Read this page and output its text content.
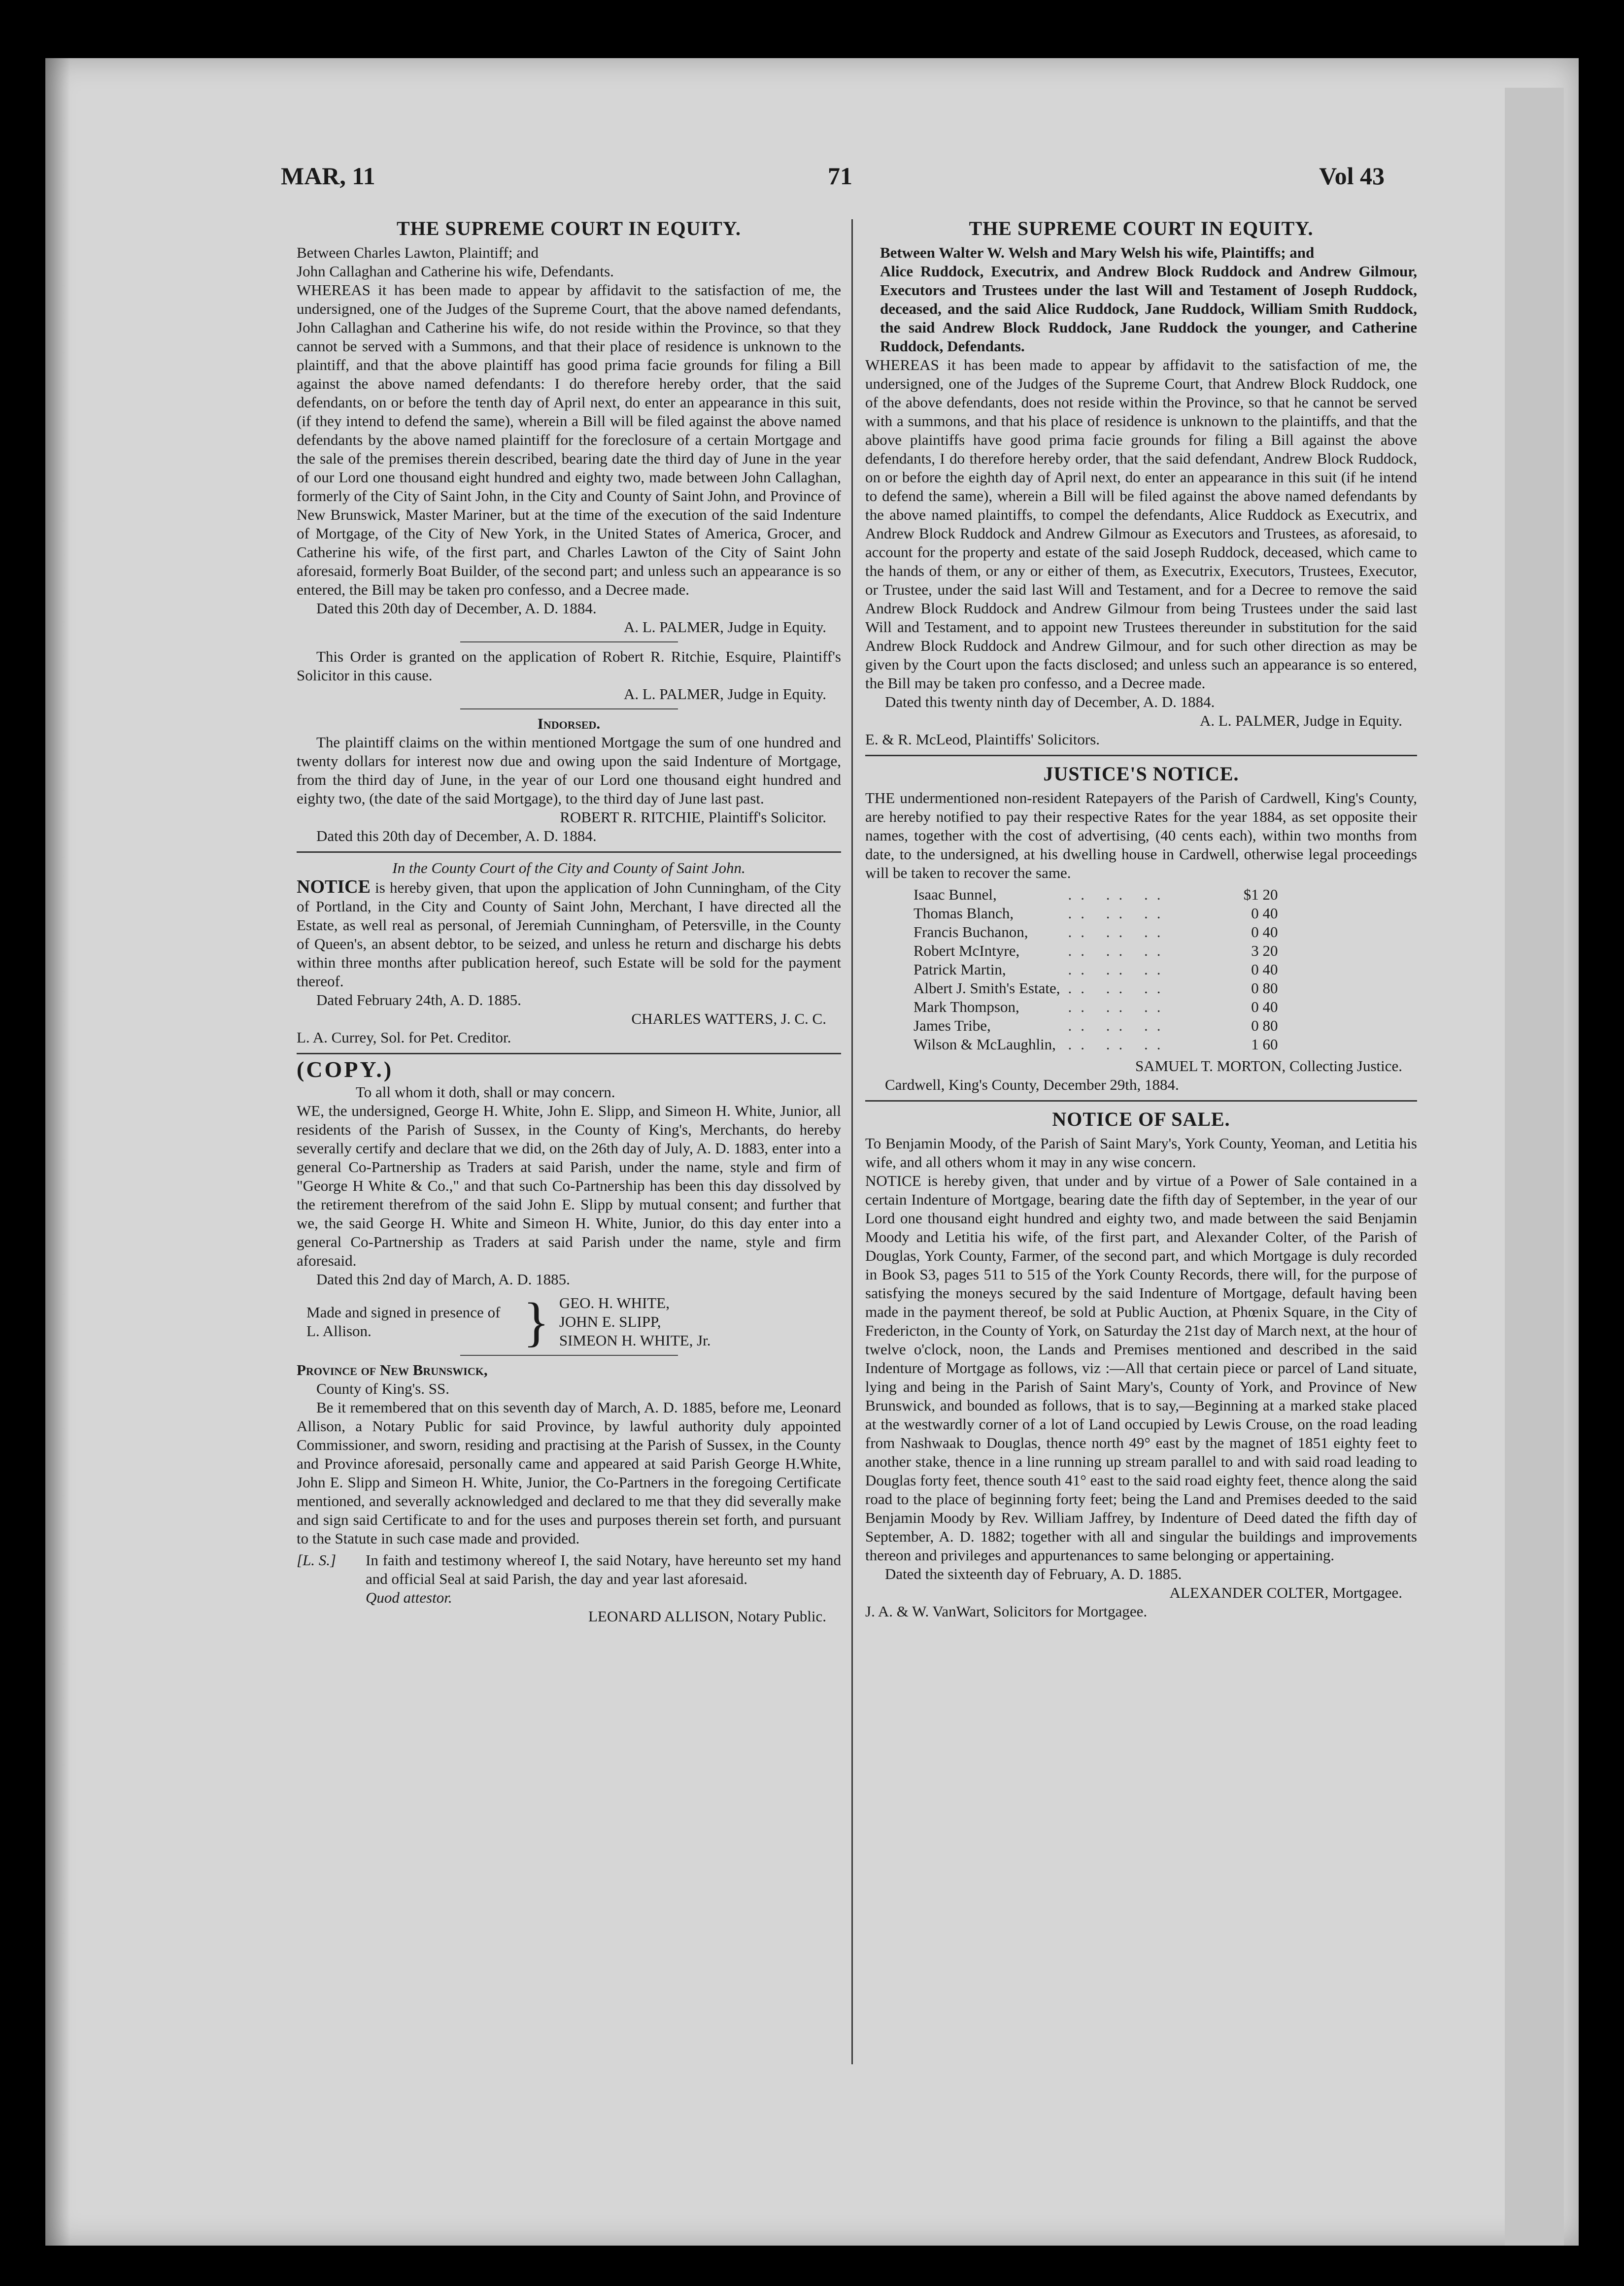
MAR, 11	71	Vol 43
THE SUPREME COURT IN EQUITY.

Between Charles Lawton, Plaintiff; and

John Callaghan and Catherine his wife, Defendants.

WHEREAS it has been made to appear by affidavit to the satisfaction of me, the undersigned, one of the Judges of the Supreme Court, that the above named defendants, John Callaghan and Catherine his wife, do not reside within the Province, so that they cannot be served with a Summons, and that their place of residence is unknown to the plaintiff, and that the above plaintiff has good prima facie grounds for filing a Bill against the above named defendants: I do therefore hereby order, that the said defendants, on or before the tenth day of April next, do enter an appearance in this suit, (if they intend to defend the same), wherein a Bill will be filed against the above named defendants by the above named plaintiff for the foreclosure of a certain Mortgage and the sale of the premises therein described, bearing date the third day of June in the year of our Lord one thousand eight hundred and eighty two, made between John Callaghan, formerly of the City of Saint John, in the City and County of Saint John, and Province of New Brunswick, Master Mariner, but at the time of the execution of the said Indenture of Mortgage, of the City of New York, in the United States of America, Grocer, and Catherine his wife, of the first part, and Charles Lawton of the City of Saint John aforesaid, formerly Boat Builder, of the second part; and unless such an appearance is so entered, the Bill may be taken pro confesso, and a Decree made.

Dated this 20th day of December, A. D. 1884.

A. L. PALMER, Judge in Equity.

This Order is granted on the application of Robert R. Ritchie, Esquire, Plaintiff's Solicitor in this cause.

A. L. PALMER, Judge in Equity.

Indorsed.

The plaintiff claims on the within mentioned Mortgage the sum of one hundred and twenty dollars for interest now due and owing upon the said Indenture of Mortgage, from the third day of June, in the year of our Lord one thousand eight hundred and eighty two, (the date of the said Mortgage), to the third day of June last past.

ROBERT R. RITCHIE, Plaintiff's Solicitor.

Dated this 20th day of December, A. D. 1884.

In the County Court of the City and County of Saint John.

NOTICE is hereby given, that upon the application of John Cunningham, of the City of Portland, in the City and County of Saint John, Merchant, I have directed all the Estate, as well real as personal, of Jeremiah Cunningham, of Petersville, in the County of Queen's, an absent debtor, to be seized, and unless he return and discharge his debts within three months after publication hereof, such Estate will be sold for the payment thereof.

Dated February 24th, A. D. 1885.

CHARLES WATTERS, J. C. C.

L. A. Currey, Sol. for Pet. Creditor.

(COPY.)

To all whom it doth, shall or may concern.

WE, the undersigned, George H. White, John E. Slipp, and Simeon H. White, Junior, all residents of the Parish of Sussex, in the County of King's, Merchants, do hereby severally certify and declare that we did, on the 26th day of July, A. D. 1883, enter into a general Co-Partnership as Traders at said Parish, under the name, style and firm of "George H White & Co.," and that such Co-Partnership has been this day dissolved by the retirement therefrom of the said John E. Slipp by mutual consent; and further that we, the said George H. White and Simeon H. White, Junior, do this day enter into a general Co-Partnership as Traders at said Parish under the name, style and firm aforesaid.

Dated this 2nd day of March, A. D. 1885.

Made and signed in presence of L. Allison.	} GEO. H. WHITE,
JOHN E. SLIPP,
SIMEON H. WHITE, Jr.

Province of New Brunswick,

County of King's. SS.

Be it remembered that on this seventh day of March, A. D. 1885, before me, Leonard Allison, a Notary Public for said Province, by lawful authority duly appointed Commissioner, and sworn, residing and practising at the Parish of Sussex, in the County and Province aforesaid, personally came and appeared at said Parish George H.White, John E. Slipp and Simeon H. White, Junior, the Co-Partners in the foregoing Certificate mentioned, and severally acknowledged and declared to me that they did severally make and sign said Certificate to and for the uses and purposes therein set forth, and pursuant to the Statute in such case made and provided.

[L. S.]	In faith and testimony whereof I, the said Notary, have hereunto set my hand and official Seal at said Parish, the day and year last aforesaid.

Quod attestor.

LEONARD ALLISON, Notary Public.

THE SUPREME COURT IN EQUITY.

Between Walter W. Welsh and Mary Welsh his wife, Plaintiffs; and

Alice Ruddock, Executrix, and Andrew Block Ruddock and Andrew Gilmour, Executors and Trustees under the last Will and Testament of Joseph Ruddock, deceased, and the said Alice Ruddock, Jane Ruddock, William Smith Ruddock, the said Andrew Block Ruddock, Jane Ruddock the younger, and Catherine Ruddock, Defendants.

WHEREAS it has been made to appear by affidavit to the satisfaction of me, the undersigned, one of the Judges of the Supreme Court, that Andrew Block Ruddock, one of the above defendants, does not reside within the Province, so that he cannot be served with a summons, and that his place of residence is unknown to the plaintiffs, and that the above plaintiffs have good prima facie grounds for filing a Bill against the above defendants, I do therefore hereby order, that the said defendant, Andrew Block Ruddock, on or before the eighth day of April next, do enter an appearance in this suit (if he intend to defend the same), wherein a Bill will be filed against the above named defendants by the above named plaintiffs, to compel the defendants, Alice Ruddock as Executrix, and Andrew Block Ruddock and Andrew Gilmour as Executors and Trustees, as aforesaid, to account for the property and estate of the said Joseph Ruddock, deceased, which came to the hands of them, or any or either of them, as Executrix, Executors, Trustees, Executor, or Trustee, under the said last Will and Testament, and for a Decree to remove the said Andrew Block Ruddock and Andrew Gilmour from being Trustees under the said last Will and Testament, and to appoint new Trustees thereunder in substitution for the said Andrew Block Ruddock and Andrew Gilmour, and for such other direction as may be given by the Court upon the facts disclosed; and unless such an appearance is so entered, the Bill may be taken pro confesso, and a Decree made.

Dated this twenty ninth day of December, A. D. 1884.

A. L. PALMER, Judge in Equity.

E. & R. McLeod, Plaintiffs' Solicitors.

JUSTICE'S NOTICE.

THE undermentioned non-resident Ratepayers of the Parish of Cardwell, King's County, are hereby notified to pay their respective Rates for the year 1884, as set opposite their names, together with the cost of advertising, (40 cents each), within two months from date, to the undersigned, at his dwelling house in Cardwell, otherwise legal proceedings will be taken to recover the same.

Isaac Bunnel,	.. .. ..	$1 20
Thomas Blanch,	.. .. ..	0 40
Francis Buchanon,	.. .. ..	0 40
Robert McIntyre,	.. .. ..	3 20
Patrick Martin,	.. .. ..	0 40
Albert J. Smith's Estate,	.. .. ..	0 80
Mark Thompson,	.. .. ..	0 40
James Tribe,	.. .. ..	0 80
Wilson & McLaughlin,	.. .. ..	1 60

SAMUEL T. MORTON, Collecting Justice.

Cardwell, King's County, December 29th, 1884.

NOTICE OF SALE.

To Benjamin Moody, of the Parish of Saint Mary's, York County, Yeoman, and Letitia his wife, and all others whom it may in any wise concern.

NOTICE is hereby given, that under and by virtue of a Power of Sale contained in a certain Indenture of Mortgage, bearing date the fifth day of September, in the year of our Lord one thousand eight hundred and eighty two, and made between the said Benjamin Moody and Letitia his wife, of the first part, and Alexander Colter, of the Parish of Douglas, York County, Farmer, of the second part, and which Mortgage is duly recorded in Book S3, pages 511 to 515 of the York County Records, there will, for the purpose of satisfying the moneys secured by the said Indenture of Mortgage, default having been made in the payment thereof, be sold at Public Auction, at Phœnix Square, in the City of Fredericton, in the County of York, on Saturday the 21st day of March next, at the hour of twelve o'clock, noon, the Lands and Premises mentioned and described in the said Indenture of Mortgage as follows, viz :—All that certain piece or parcel of Land situate, lying and being in the Parish of Saint Mary's, County of York, and Province of New Brunswick, and bounded as follows, that is to say,—Beginning at a marked stake placed at the westwardly corner of a lot of Land occupied by Lewis Crouse, on the road leading from Nashwaak to Douglas, thence north 49° east by the magnet of 1851 eighty feet to another stake, thence in a line running up stream parallel to and with said road leading to Douglas forty feet, thence south 41° east to the said road eighty feet, thence along the said road to the place of beginning forty feet; being the Land and Premises deeded to the said Benjamin Moody by Rev. William Jaffrey, by Indenture of Deed dated the fifth day of September, A. D. 1882; together with all and singular the buildings and improvements thereon and privileges and appurtenances to same belonging or appertaining.

Dated the sixteenth day of February, A. D. 1885.

ALEXANDER COLTER, Mortgagee.

J. A. & W. VanWart, Solicitors for Mortgagee.
